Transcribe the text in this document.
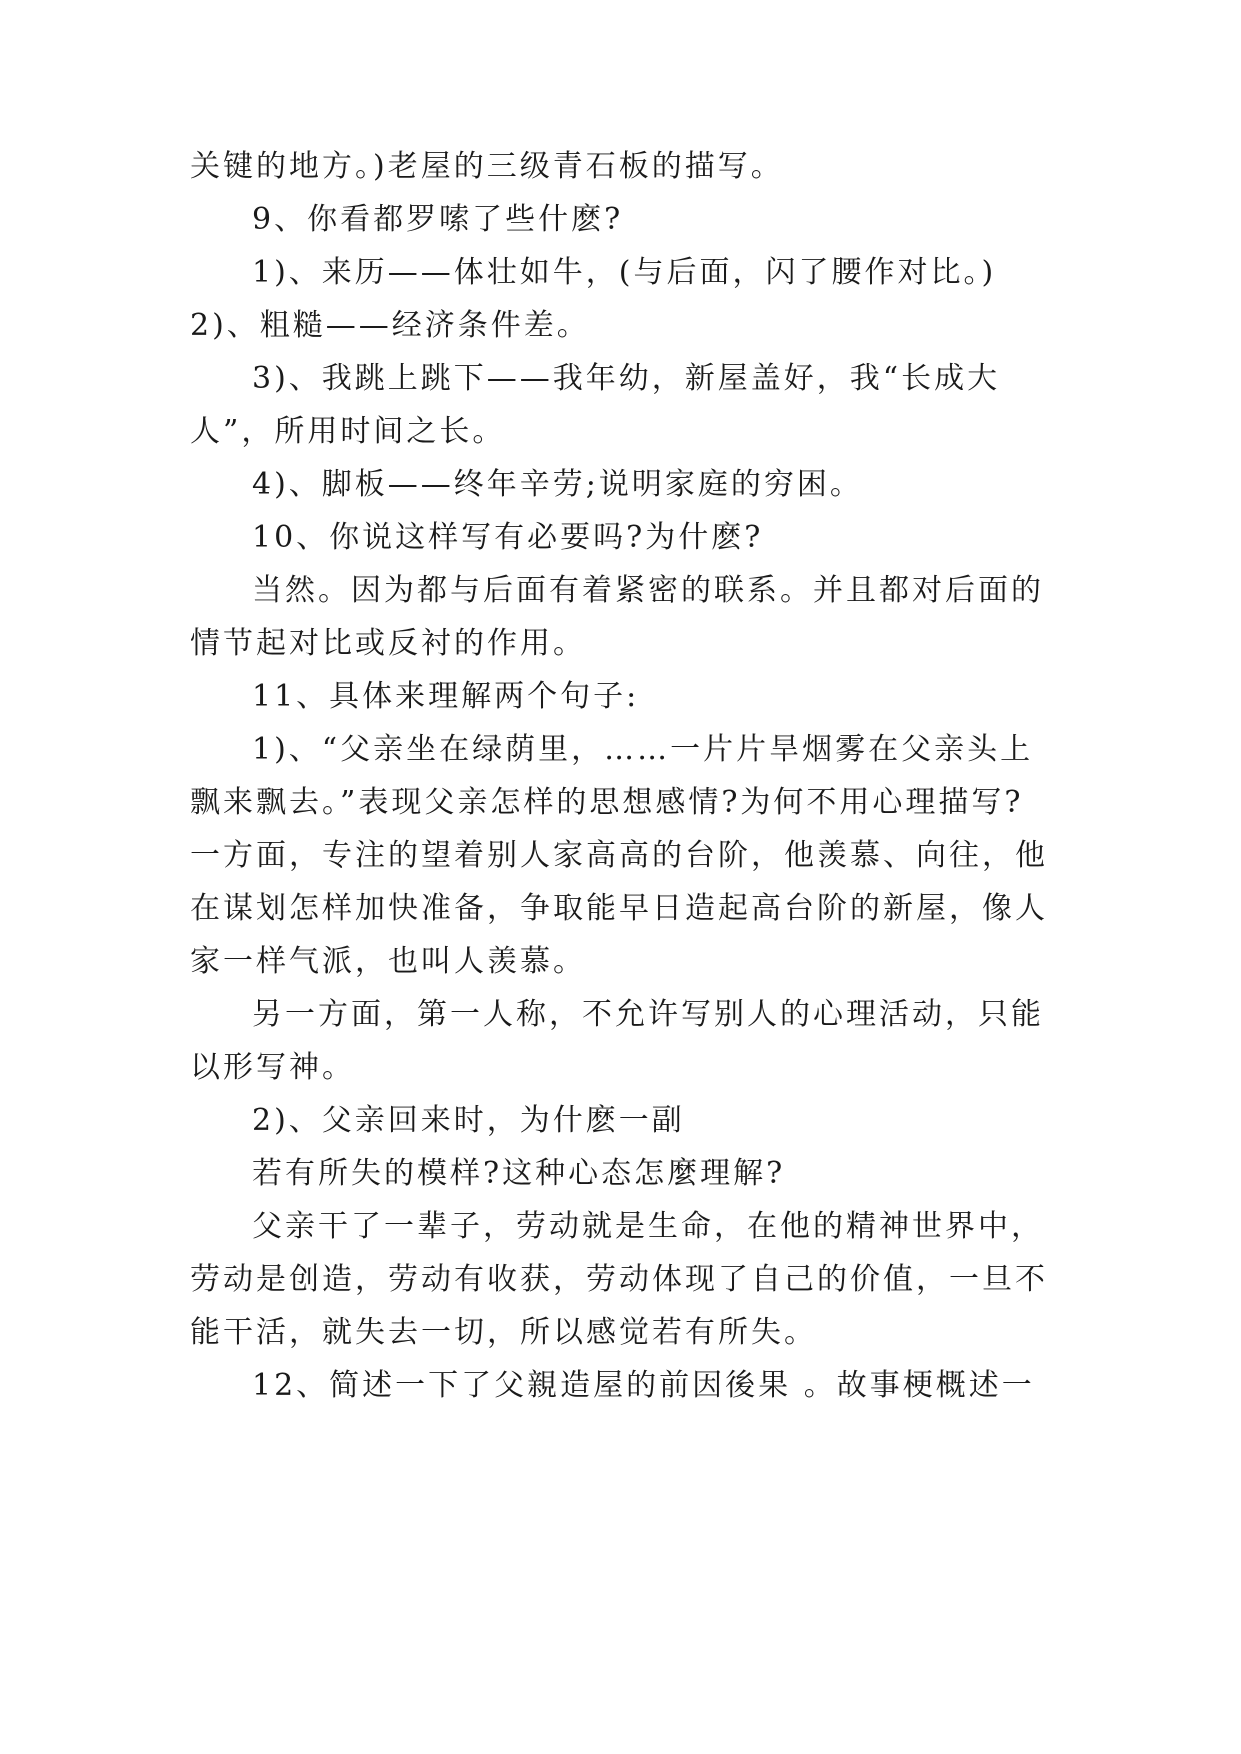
关键的地方。)老屋的三级青石板的描写。
9、你看都罗嗦了些什麽?
1)、来历——体壮如牛，(与后面，闪了腰作对比。)
2)、粗糙——经济条件差。
3)、我跳上跳下——我年幼，新屋盖好，我“长成大
人”，所用时间之长。
4)、脚板——终年辛劳;说明家庭的穷困。
10、你说这样写有必要吗?为什麽?
当然。因为都与后面有着紧密的联系。并且都对后面的
情节起对比或反衬的作用。
11、具体来理解两个句子:
1)、“父亲坐在绿荫里，……一片片旱烟雾在父亲头上
飘来飘去。”表现父亲怎样的思想感情?为何不用心理描写?
一方面，专注的望着别人家高高的台阶，他羡慕、向往，他
在谋划怎样加快准备，争取能早日造起高台阶的新屋，像人
家一样气派，也叫人羡慕。
另一方面，第一人称，不允许写别人的心理活动，只能
以形写神。
2)、父亲回来时，为什麽一副
若有所失的模样?这种心态怎麼理解?
父亲干了一辈子，劳动就是生命，在他的精神世界中，
劳动是创造，劳动有收获，劳动体现了自己的价值，一旦不
能干活，就失去一切，所以感觉若有所失。
12、简述一下了父親造屋的前因後果 。故事梗概述一
